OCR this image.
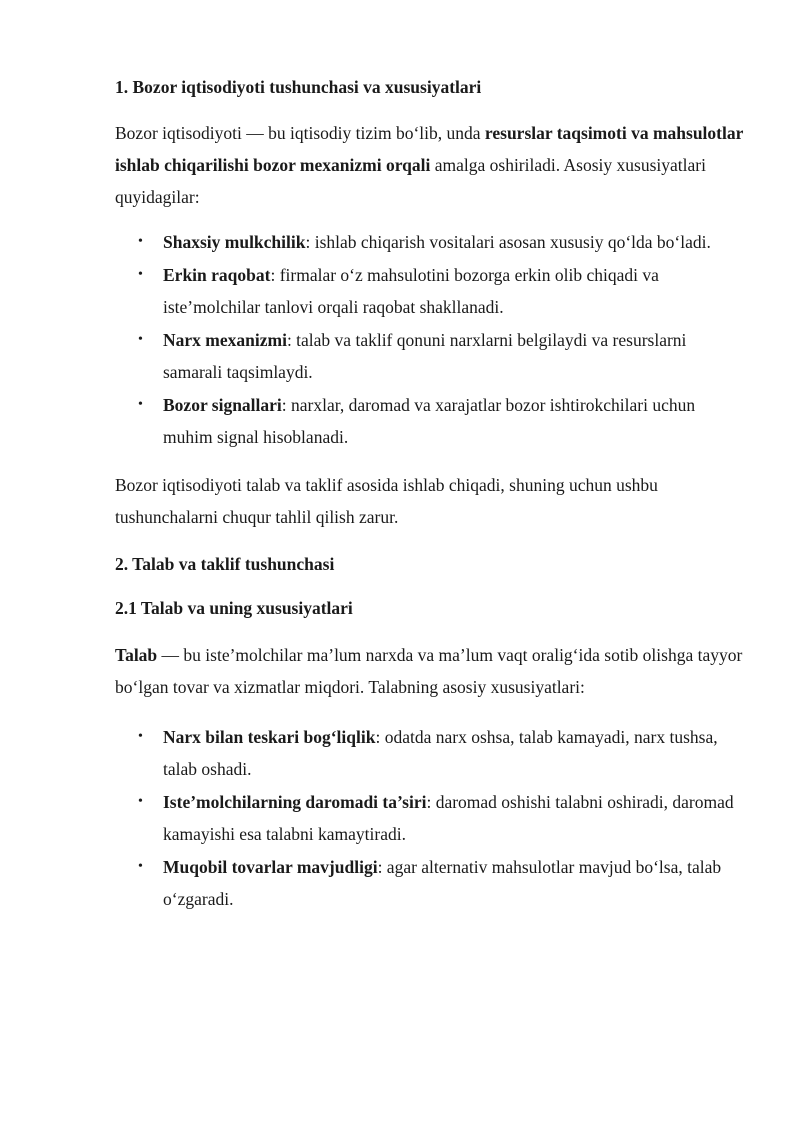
1. Bozor iqtisodiyoti tushunchasi va xususiyatlari

Bozor iqtisodiyoti — bu iqtisodiy tizim bo‘lib, unda resurslar taqsimoti va mahsulotlar ishlab chiqarilishi bozor mexanizmi orqali amalga oshiriladi. Asosiy xususiyatlari quyidagilar:

• Shaxsiy mulkchilik: ishlab chiqarish vositalari asosan xususiy qo‘lda bo‘ladi.
• Erkin raqobat: firmalar o‘z mahsulotini bozorga erkin olib chiqadi va iste’molchilar tanlovi orqali raqobat shakllanadi.
• Narx mexanizmi: talab va taklif qonuni narxlarni belgilaydi va resurslarni samarali taqsimlaydi.
• Bozor signallari: narxlar, daromad va xarajatlar bozor ishtirokchilari uchun muhim signal hisoblanadi.

Bozor iqtisodiyoti talab va taklif asosida ishlab chiqadi, shuning uchun ushbu tushunchalarni chuqur tahlil qilish zarur.

2. Talab va taklif tushunchasi
2.1 Talab va uning xususiyatlari

Talab — bu iste’molchilar ma’lum narxda va ma’lum vaqt oralig‘ida sotib olishga tayyor bo‘lgan tovar va xizmatlar miqdori. Talabning asosiy xususiyatlari:

• Narx bilan teskari bog‘liqlik: odatda narx oshsa, talab kamayadi, narx tushsa, talab oshadi.
• Iste’molchilarning daromadi ta’siri: daromad oshishi talabni oshiradi, daromad kamayishi esa talabni kamaytiradi.
• Muqobil tovarlar mavjudligi: agar alternativ mahsulotlar mavjud bo‘lsa, talab o‘zgaradi.
